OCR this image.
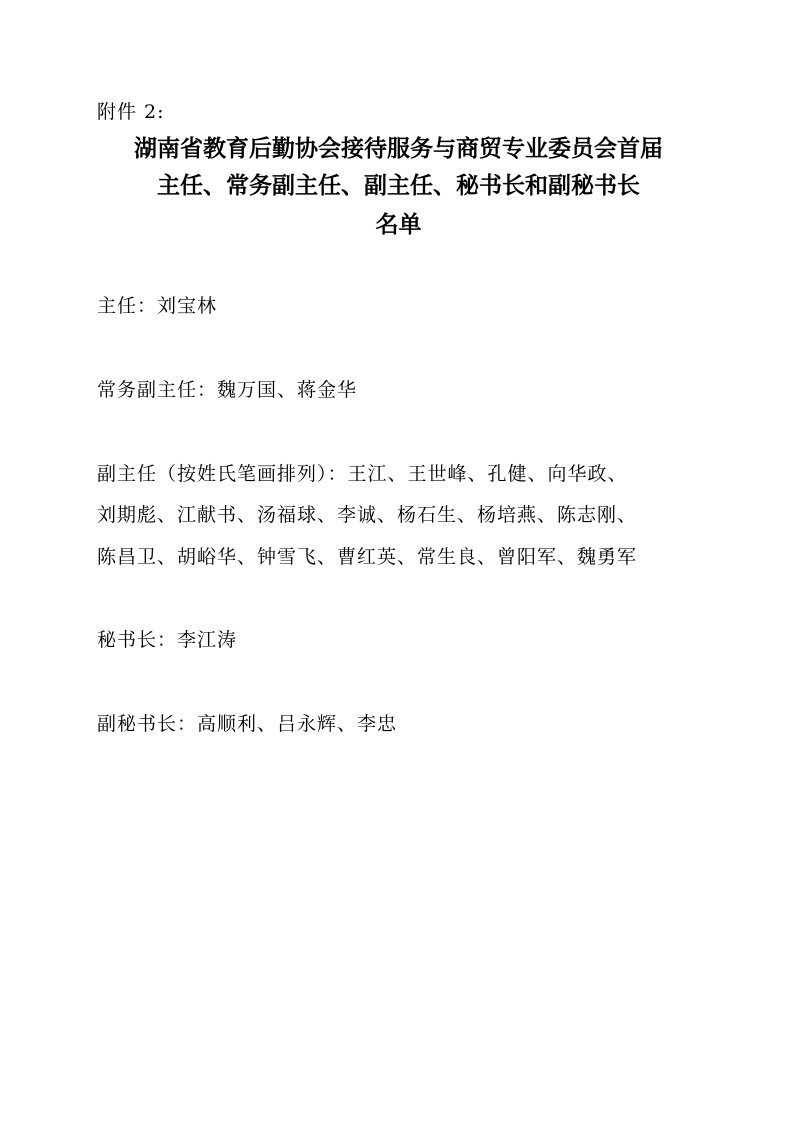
附件 2:
湖南省教育后勤协会接待服务与商贸专业委员会首届
主任、常务副主任、副主任、秘书长和副秘书长
名单
主任：刘宝林
常务副主任：魏万国、蒋金华
副主任（按姓氏笔画排列）：王江、王世峰、孔健、向华政、
刘期彪、江献书、汤福球、李诚、杨石生、杨培燕、陈志刚、
陈昌卫、胡峪华、钟雪飞、曹红英、常生良、曾阳军、魏勇军
秘书长：李江涛
副秘书长：高顺利、吕永辉、李忠
